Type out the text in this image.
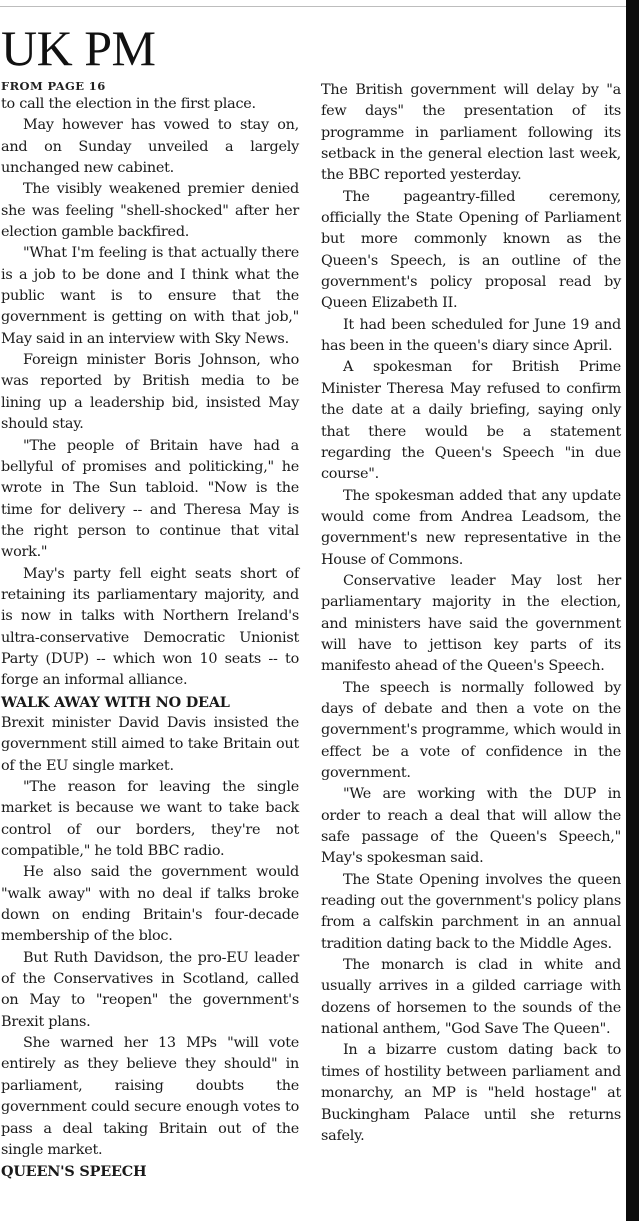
UK PM
FROM PAGE 16

to call the election in the first place.

May however has vowed to stay on, and on Sunday unveiled a largely unchanged new cabinet.

The visibly weakened premier denied she was feeling "shell-shocked" after her election gamble backfired.

"What I'm feeling is that actually there is a job to be done and I think what the public want is to ensure that the government is getting on with that job," May said in an interview with Sky News.

Foreign minister Boris Johnson, who was reported by British media to be lining up a leadership bid, insisted May should stay.

"The people of Britain have had a bellyful of promises and politicking," he wrote in The Sun tabloid. "Now is the time for delivery -- and Theresa May is the right person to continue that vital work."

May's party fell eight seats short of retaining its parliamentary majority, and is now in talks with Northern Ireland's ultra-conservative Democratic Unionist Party (DUP) -- which won 10 seats -- to forge an informal alliance.

WALK AWAY WITH NO DEAL

Brexit minister David Davis insisted the government still aimed to take Britain out of the EU single market.

"The reason for leaving the single market is because we want to take back control of our borders, they're not compatible," he told BBC radio.

He also said the government would "walk away" with no deal if talks broke down on ending Britain's four-decade membership of the bloc.

But Ruth Davidson, the pro-EU leader of the Conservatives in Scotland, called on May to "reopen" the government's Brexit plans.

She warned her 13 MPs "will vote entirely as they believe they should" in parliament, raising doubts the government could secure enough votes to pass a deal taking Britain out of the single market.

QUEEN'S SPEECH

The British government will delay by "a few days" the presentation of its programme in parliament following its setback in the general election last week, the BBC reported yesterday.

The pageantry-filled ceremony, officially the State Opening of Parliament but more commonly known as the Queen's Speech, is an outline of the government's policy proposal read by Queen Elizabeth II.

It had been scheduled for June 19 and has been in the queen's diary since April.

A spokesman for British Prime Minister Theresa May refused to confirm the date at a daily briefing, saying only that there would be a statement regarding the Queen's Speech "in due course".

The spokesman added that any update would come from Andrea Leadsom, the government's new representative in the House of Commons.

Conservative leader May lost her parliamentary majority in the election, and ministers have said the government will have to jettison key parts of its manifesto ahead of the Queen's Speech.

The speech is normally followed by days of debate and then a vote on the government's programme, which would in effect be a vote of confidence in the government.

"We are working with the DUP in order to reach a deal that will allow the safe passage of the Queen's Speech," May's spokesman said.

The State Opening involves the queen reading out the government's policy plans from a calfskin parchment in an annual tradition dating back to the Middle Ages.

The monarch is clad in white and usually arrives in a gilded carriage with dozens of horsemen to the sounds of the national anthem, "God Save The Queen".

In a bizarre custom dating back to times of hostility between parliament and monarchy, an MP is "held hostage" at Buckingham Palace until she returns safely.
